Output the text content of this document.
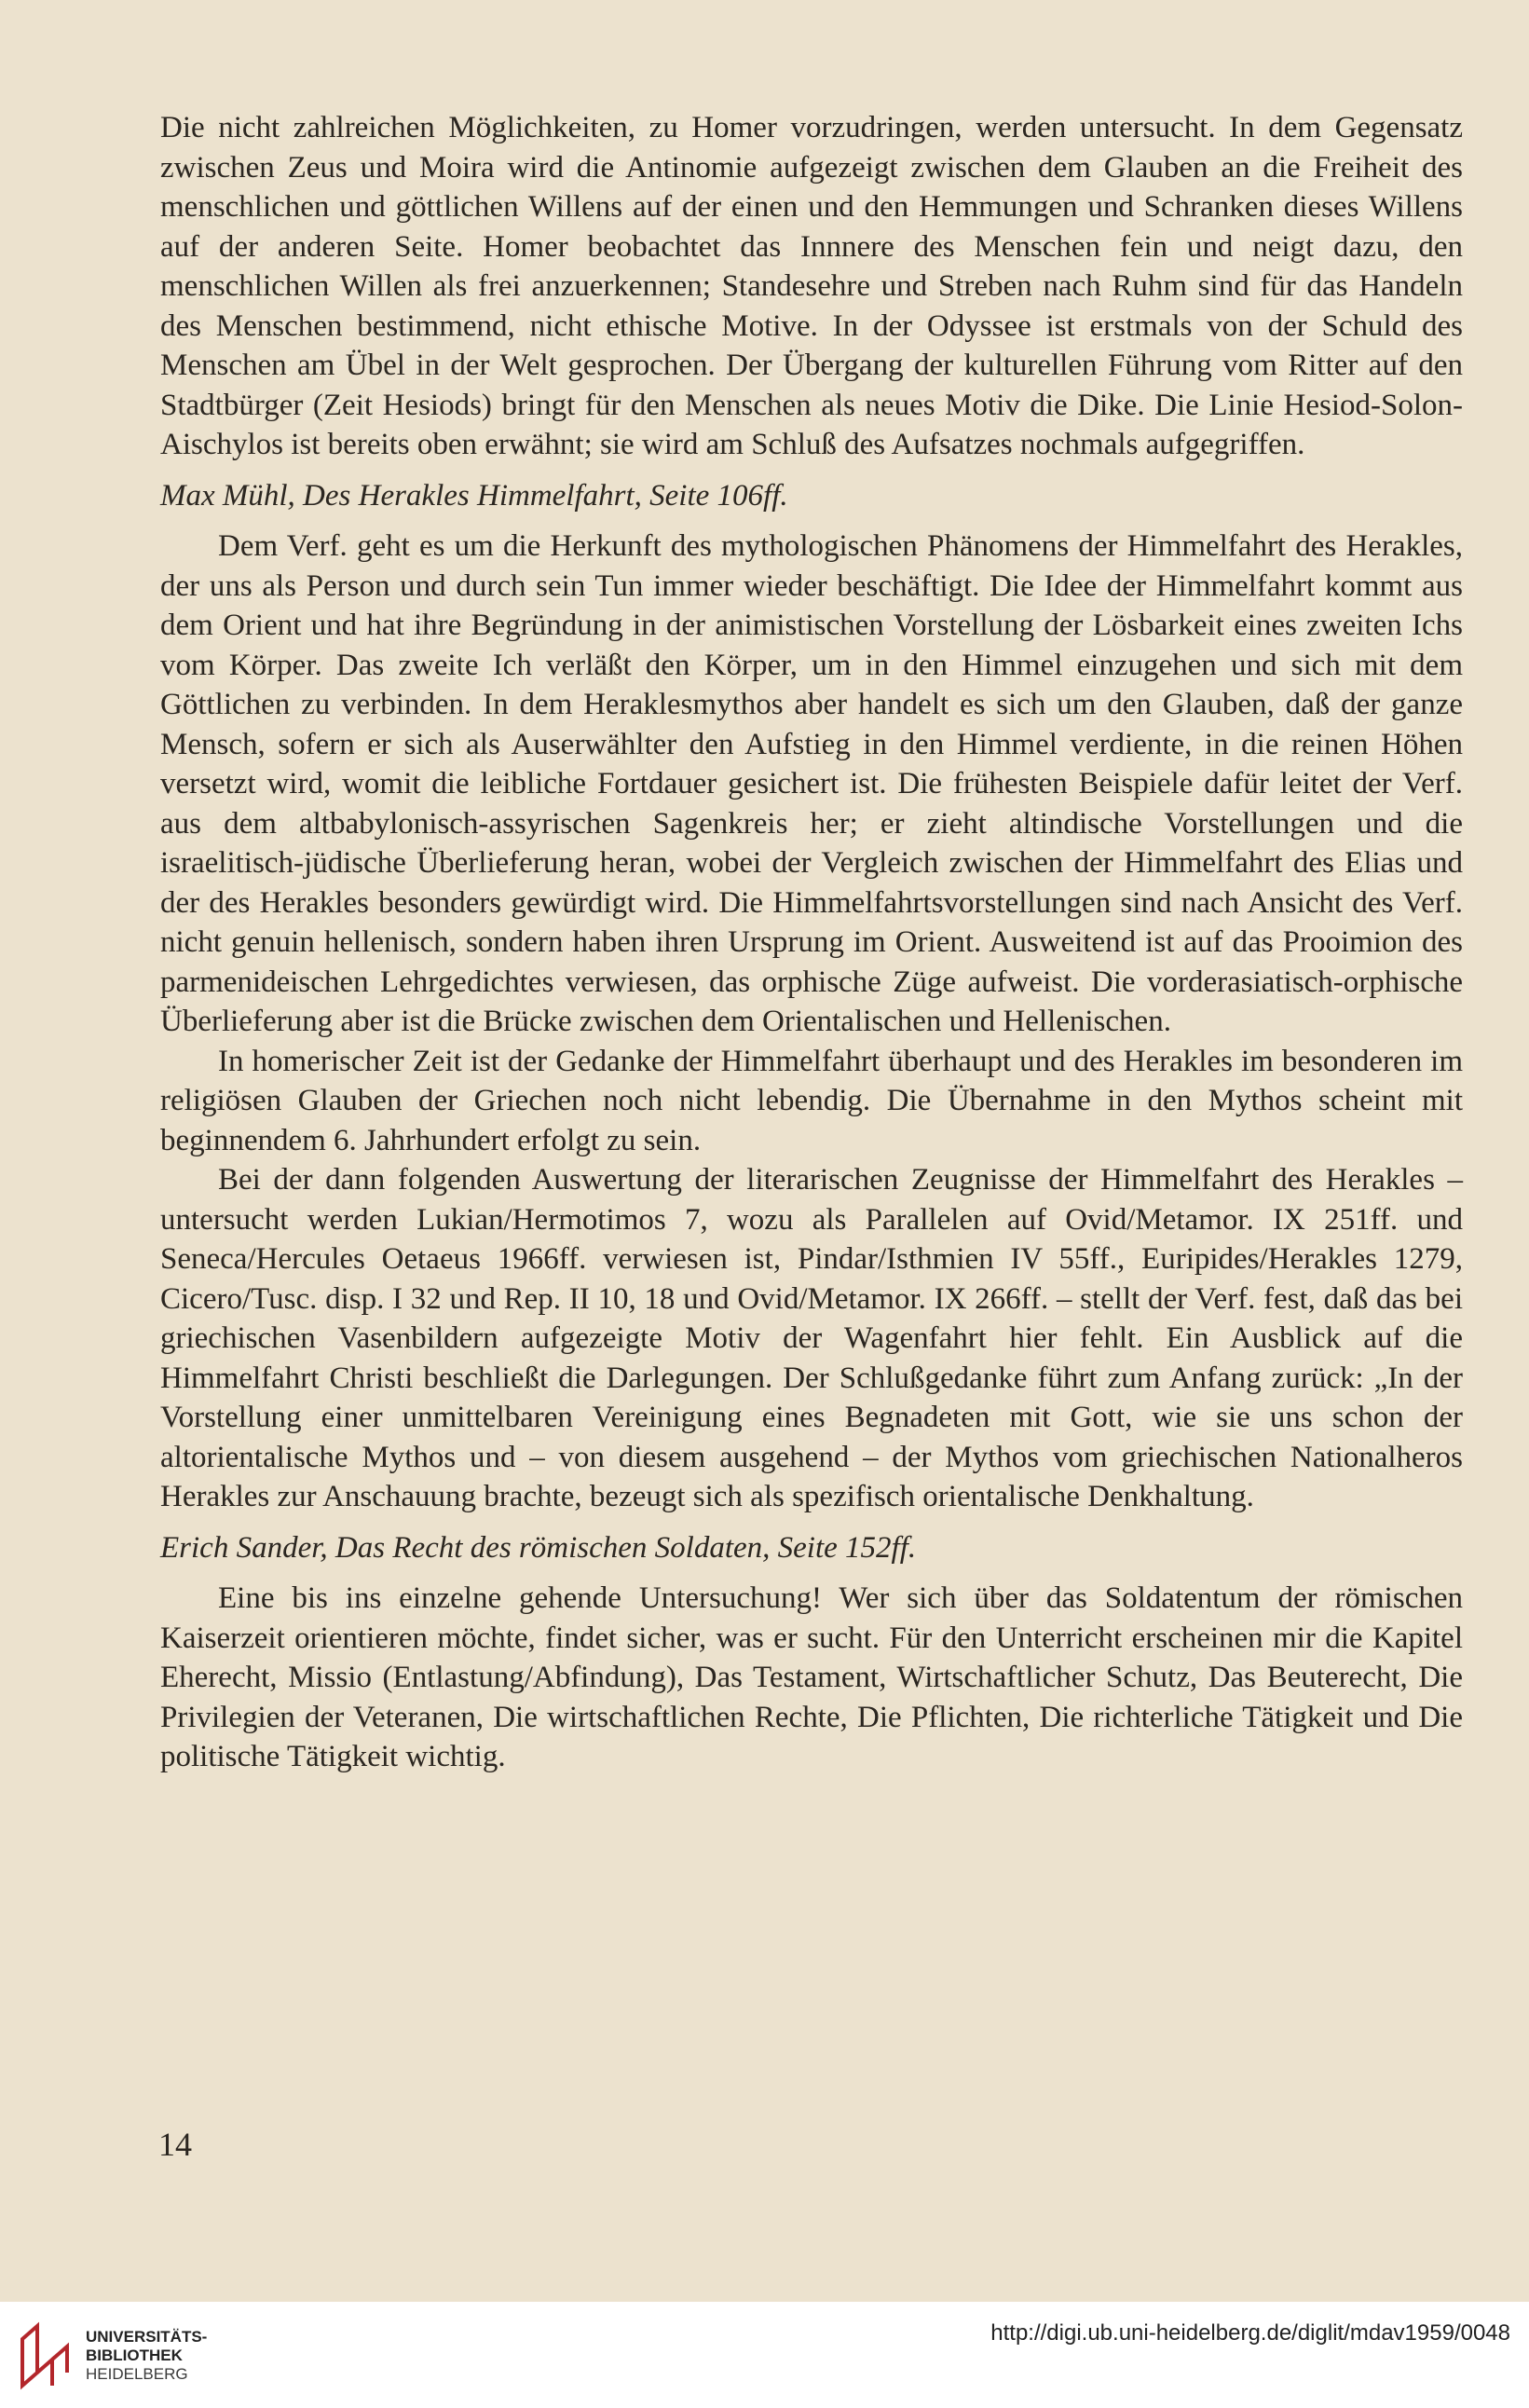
Die nicht zahlreichen Möglichkeiten, zu Homer vorzudringen, werden untersucht. In dem Gegensatz zwischen Zeus und Moira wird die Antinomie aufgezeigt zwischen dem Glauben an die Freiheit des menschlichen und göttlichen Willens auf der einen und den Hemmungen und Schranken dieses Willens auf der anderen Seite. Homer beobachtet das Innnere des Menschen fein und neigt dazu, den menschlichen Willen als frei anzuerkennen; Standesehre und Streben nach Ruhm sind für das Handeln des Menschen bestimmend, nicht ethische Motive. In der Odyssee ist erstmals von der Schuld des Menschen am Übel in der Welt gesprochen. Der Übergang der kulturellen Führung vom Ritter auf den Stadtbürger (Zeit Hesiods) bringt für den Menschen als neues Motiv die Dike. Die Linie Hesiod-Solon-Aischylos ist bereits oben erwähnt; sie wird am Schluß des Aufsatzes nochmals aufgegriffen.

Max Mühl, Des Herakles Himmelfahrt, Seite 106ff.

Dem Verf. geht es um die Herkunft des mythologischen Phänomens der Himmelfahrt des Herakles, der uns als Person und durch sein Tun immer wieder beschäftigt. Die Idee der Himmelfahrt kommt aus dem Orient und hat ihre Begründung in der animistischen Vorstellung der Lösbarkeit eines zweiten Ichs vom Körper. Das zweite Ich verläßt den Körper, um in den Himmel einzugehen und sich mit dem Göttlichen zu verbinden. In dem Heraklesmythos aber handelt es sich um den Glauben, daß der ganze Mensch, sofern er sich als Auserwählter den Aufstieg in den Himmel verdiente, in die reinen Höhen versetzt wird, womit die leibliche Fortdauer gesichert ist. Die frühesten Beispiele dafür leitet der Verf. aus dem altbabylonisch-assyrischen Sagenkreis her; er zieht altindische Vorstellungen und die israelitisch-jüdische Überlieferung heran, wobei der Vergleich zwischen der Himmelfahrt des Elias und der des Herakles besonders gewürdigt wird. Die Himmelfahrtsvorstellungen sind nach Ansicht des Verf. nicht genuin hellenisch, sondern haben ihren Ursprung im Orient. Ausweitend ist auf das Prooimion des parmenideischen Lehrgedichtes verwiesen, das orphische Züge aufweist. Die vorderasiatisch-orphische Überlieferung aber ist die Brücke zwischen dem Orientalischen und Hellenischen.

In homerischer Zeit ist der Gedanke der Himmelfahrt überhaupt und des Herakles im besonderen im religiösen Glauben der Griechen noch nicht lebendig. Die Übernahme in den Mythos scheint mit beginnendem 6. Jahrhundert erfolgt zu sein.

Bei der dann folgenden Auswertung der literarischen Zeugnisse der Himmelfahrt des Herakles – untersucht werden Lukian/Hermotimos 7, wozu als Parallelen auf Ovid/Metamor. IX 251ff. und Seneca/Hercules Oetaeus 1966ff. verwiesen ist, Pindar/Isthmien IV 55ff., Euripides/Herakles 1279, Cicero/Tusc. disp. I 32 und Rep. II 10, 18 und Ovid/Metamor. IX 266ff. – stellt der Verf. fest, daß das bei griechischen Vasenbildern aufgezeigte Motiv der Wagenfahrt hier fehlt. Ein Ausblick auf die Himmelfahrt Christi beschließt die Darlegungen. Der Schlußgedanke führt zum Anfang zurück: „In der Vorstellung einer unmittelbaren Vereinigung eines Begnadeten mit Gott, wie sie uns schon der altorientalische Mythos und – von diesem ausgehend – der Mythos vom griechischen Nationalheros Herakles zur Anschauung brachte, bezeugt sich als spezifisch orientalische Denkhaltung.

Erich Sander, Das Recht des römischen Soldaten, Seite 152ff.

Eine bis ins einzelne gehende Untersuchung! Wer sich über das Soldatentum der römischen Kaiserzeit orientieren möchte, findet sicher, was er sucht. Für den Unterricht erscheinen mir die Kapitel Eherecht, Missio (Entlastung/Abfindung), Das Testament, Wirtschaftlicher Schutz, Das Beuterecht, Die Privilegien der Veteranen, Die wirtschaftlichen Rechte, Die Pflichten, Die richterliche Tätigkeit und Die politische Tätigkeit wichtig.

14
UNIVERSITÄTS-
BIBLIOTHEK
HEIDELBERG
http://digi.ub.uni-heidelberg.de/diglit/mdav1959/0048
